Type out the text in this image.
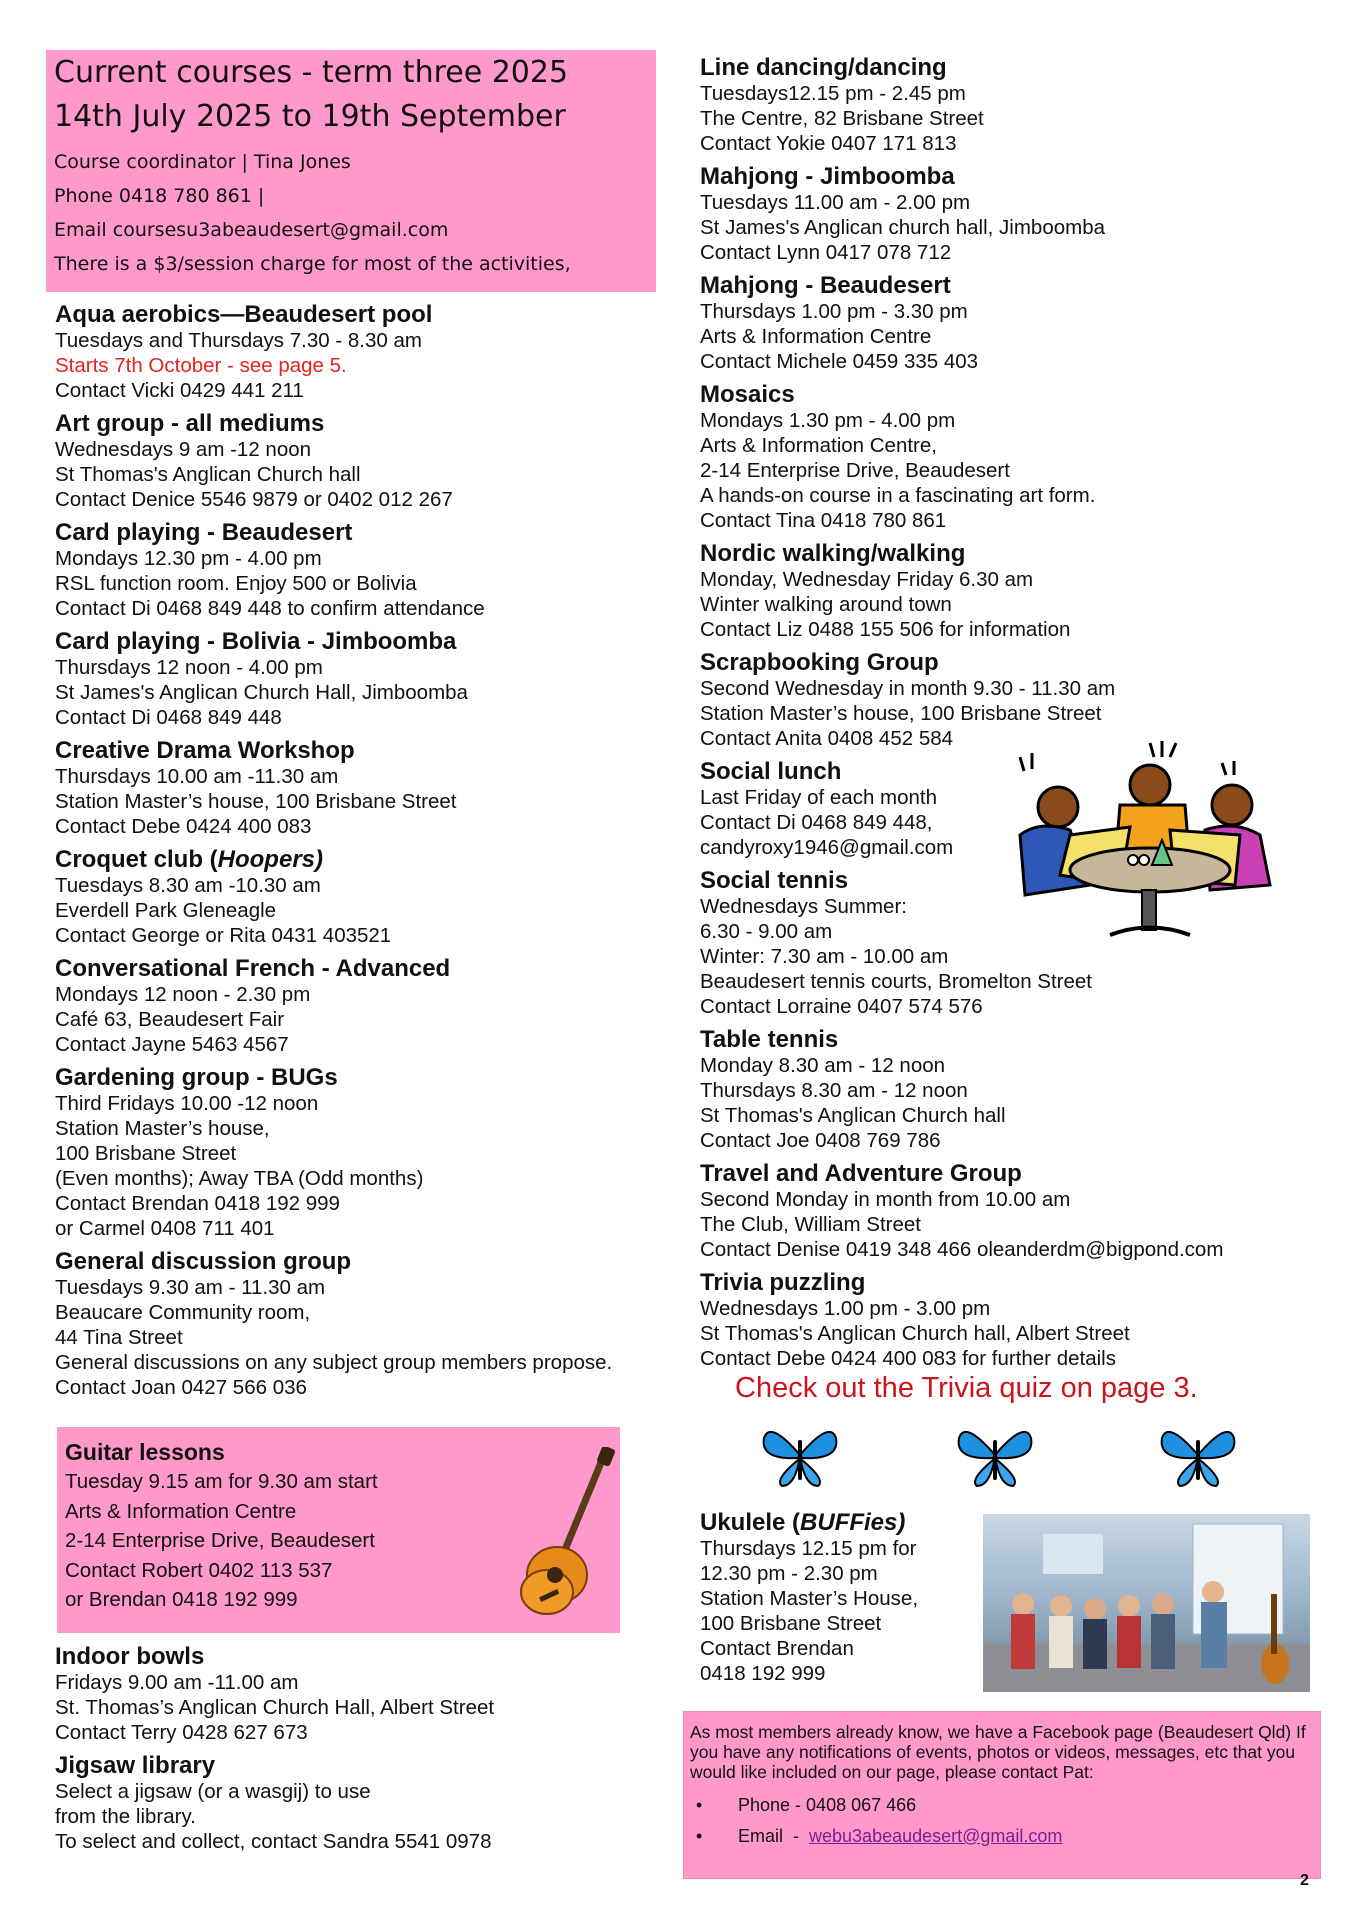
Current courses - term three 2025
14th July 2025 to 19th September
Course coordinator | Tina Jones
Phone 0418 780 861 |
Email coursesu3abeaudesert@gmail.com
There is a $3/session charge for most of the activities,
Aqua aerobics—Beaudesert pool
Tuesdays and Thursdays 7.30 - 8.30 am
Starts 7th October - see page 5.
Contact Vicki 0429 441 211
Art group - all mediums
Wednesdays 9 am -12 noon
St Thomas's Anglican Church hall
Contact Denice 5546 9879 or 0402 012 267
Card playing - Beaudesert
Mondays 12.30 pm - 4.00 pm
RSL function room. Enjoy 500 or Bolivia
Contact Di 0468 849 448 to confirm attendance
Card playing - Bolivia - Jimboomba
Thursdays 12 noon - 4.00 pm
St James's Anglican Church Hall, Jimboomba
Contact Di 0468 849 448
Creative Drama Workshop
Thursdays 10.00 am -11.30 am
Station Master’s house, 100 Brisbane Street
Contact Debe 0424 400 083
Croquet club (Hoopers)
Tuesdays 8.30 am -10.30 am
Everdell Park Gleneagle
Contact George or Rita 0431 403521
Conversational French - Advanced
Mondays 12 noon - 2.30 pm
Café 63, Beaudesert Fair
Contact Jayne 5463 4567
Gardening group - BUGs
Third Fridays 10.00 -12 noon
Station Master’s house,
100 Brisbane Street
(Even months); Away TBA (Odd months)
Contact Brendan 0418 192 999
or Carmel 0408 711 401
General discussion group
Tuesdays 9.30 am - 11.30 am
Beaucare Community room,
44 Tina Street
General discussions on any subject group members propose.
Contact Joan 0427 566 036
Guitar lessons
Tuesday 9.15 am for 9.30 am start
Arts & Information Centre
2-14 Enterprise Drive, Beaudesert
Contact Robert 0402 113 537
or Brendan 0418 192 999
Indoor bowls
Fridays 9.00 am -11.00 am
St. Thomas’s Anglican Church Hall, Albert Street
Contact Terry 0428 627 673
Jigsaw library
Select a jigsaw (or a wasgij) to use
from the library.
To select and collect, contact Sandra 5541 0978
Line dancing/dancing
Tuesdays12.15 pm - 2.45 pm
The Centre, 82 Brisbane Street
Contact Yokie 0407 171 813
Mahjong - Jimboomba
Tuesdays 11.00 am - 2.00 pm
St James's Anglican church hall, Jimboomba
Contact Lynn 0417 078 712
Mahjong - Beaudesert
Thursdays 1.00 pm - 3.30 pm
Arts & Information Centre
Contact Michele 0459 335 403
Mosaics
Mondays 1.30 pm - 4.00 pm
Arts & Information Centre,
2-14 Enterprise Drive, Beaudesert
A hands-on course in a fascinating art form.
Contact Tina 0418 780 861
Nordic walking/walking
Monday, Wednesday Friday 6.30 am
Winter walking around town
Contact Liz 0488 155 506 for information
Scrapbooking Group
Second Wednesday in month 9.30 - 11.30 am
Station Master’s house, 100 Brisbane Street
Contact Anita 0408 452 584
Social lunch
Last Friday of each month
Contact Di 0468 849 448,
candyroxy1946@gmail.com
Social tennis
Wednesdays Summer:
6.30 - 9.00 am
Winter: 7.30 am - 10.00 am
Beaudesert tennis courts, Bromelton Street
Contact Lorraine 0407 574 576
Table tennis
Monday 8.30 am - 12 noon
Thursdays 8.30 am - 12 noon
St Thomas's Anglican Church hall
Contact Joe 0408 769 786
Travel and Adventure Group
Second Monday in month from 10.00 am
The Club, William Street
Contact Denise 0419 348 466 oleanderdm@bigpond.com
Trivia puzzling
Wednesdays 1.00 pm - 3.00 pm
St Thomas's Anglican Church hall, Albert Street
Contact Debe 0424 400 083 for further details
Check out the Trivia quiz on page 3.
Ukulele (BUFFies)
Thursdays 12.15 pm for
12.30 pm - 2.30 pm
Station Master’s House,
100 Brisbane Street
Contact Brendan
0418 192 999
As most members already know, we have a Facebook page (Beaudesert Qld) If you have any notifications of events, photos or videos, messages, etc that you would like included on our page, please contact Pat:
•	Phone - 0408 067 466
•	Email  - webu3abeaudesert@gmail.com
2
